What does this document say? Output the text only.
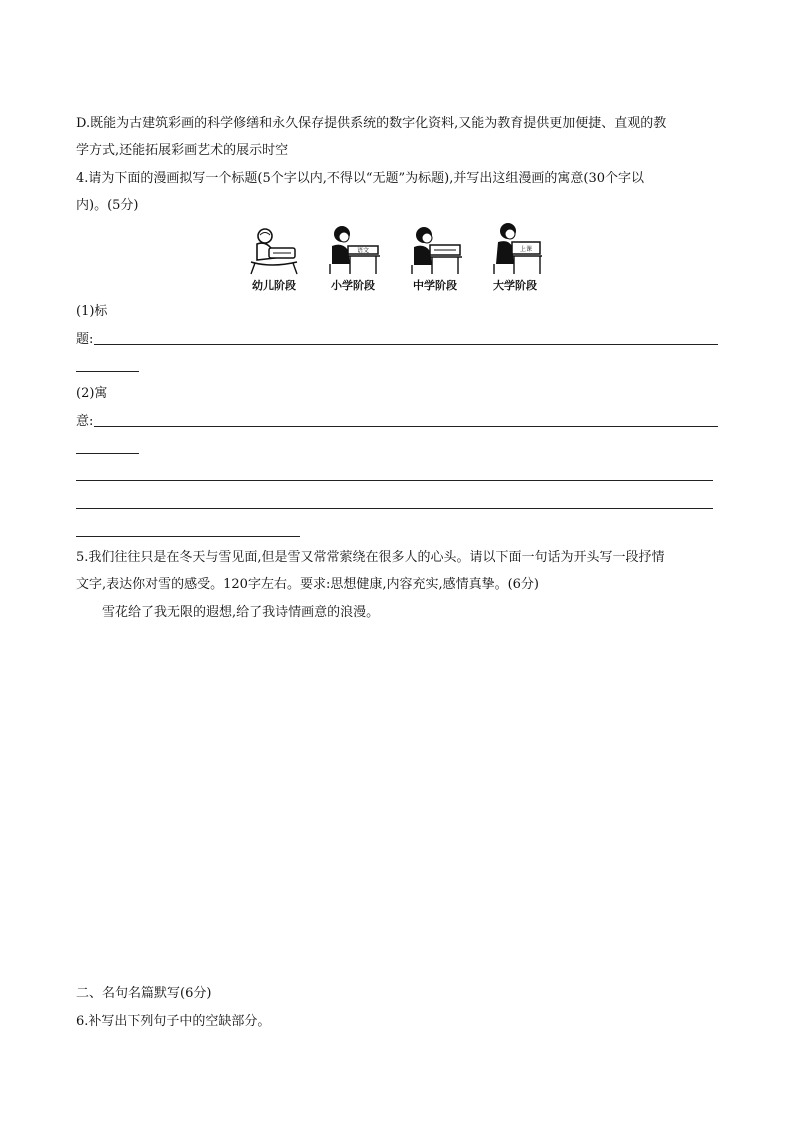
D.既能为古建筑彩画的科学修缮和永久保存提供系统的数字化资料,又能为教育提供更加便捷、直观的教
学方式,还能拓展彩画艺术的展示时空
4.请为下面的漫画拟写一个标题(5个字以内,不得以“无题”为标题),并写出这组漫画的寓意(30个字以
内)。(5分)
语文	上课
幼儿阶段	小学阶段	中学阶段	大学阶段
(1)标
题:
(2)寓
意:
5.我们往往只是在冬天与雪见面,但是雪又常常萦绕在很多人的心头。请以下面一句话为开头写一段抒情
文字,表达你对雪的感受。120字左右。要求:思想健康,内容充实,感情真挚。(6分)
雪花给了我无限的遐想,给了我诗情画意的浪漫。
二、名句名篇默写(6分)
6.补写出下列句子中的空缺部分。
